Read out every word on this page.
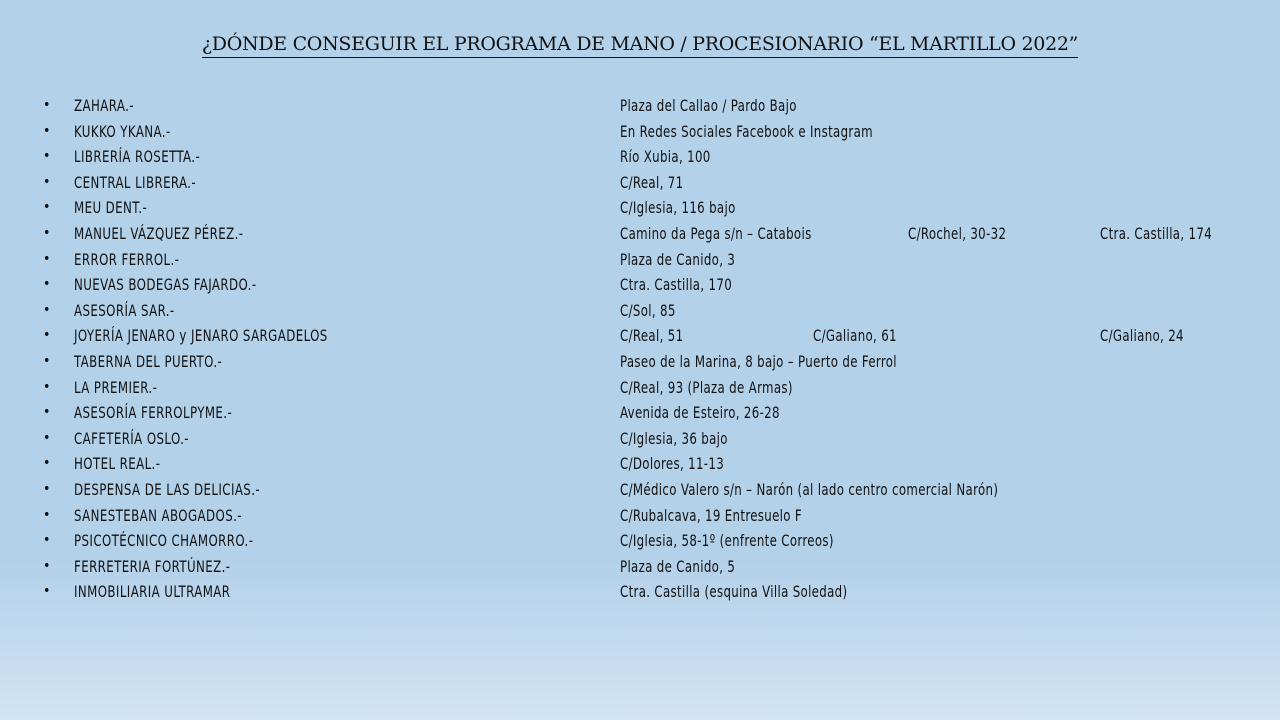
¿DÓNDE CONSEGUIR EL PROGRAMA DE MANO / PROCESIONARIO “EL MARTILLO 2022”
• ZAHARA.-	Plaza del Callao / Pardo Bajo
• KUKKO YKANA.-	En Redes Sociales Facebook e Instagram
• LIBRERÍA ROSETTA.-	Río Xubia, 100
• CENTRAL LIBRERA.-	C/Real, 71
• MEU DENT.-	C/Iglesia, 116 bajo
• MANUEL VÁZQUEZ PÉREZ.-	Camino da Pega s/n – Catabois	C/Rochel, 30-32	Ctra. Castilla, 174
• ERROR FERROL.-	Plaza de Canido, 3
• NUEVAS BODEGAS FAJARDO.-	Ctra. Castilla, 170
• ASESORÍA SAR.-	C/Sol, 85
• JOYERÍA JENARO y JENARO SARGADELOS	C/Real, 51	C/Galiano, 61	C/Galiano, 24
• TABERNA DEL PUERTO.-	Paseo de la Marina, 8 bajo – Puerto de Ferrol
• LA PREMIER.-	C/Real, 93 (Plaza de Armas)
• ASESORÍA FERROLPYME.-	Avenida de Esteiro, 26-28
• CAFETERÍA OSLO.-	C/Iglesia, 36 bajo
• HOTEL REAL.-	C/Dolores, 11-13
• DESPENSA DE LAS DELICIAS.-	C/Médico Valero s/n – Narón (al lado centro comercial Narón)
• SANESTEBAN ABOGADOS.-	C/Rubalcava, 19 Entresuelo F
• PSICOTÉCNICO CHAMORRO.-	C/Iglesia, 58-1º (enfrente Correos)
• FERRETERIA FORTÚNEZ.-	Plaza de Canido, 5
• INMOBILIARIA ULTRAMAR	Ctra. Castilla (esquina Villa Soledad)
